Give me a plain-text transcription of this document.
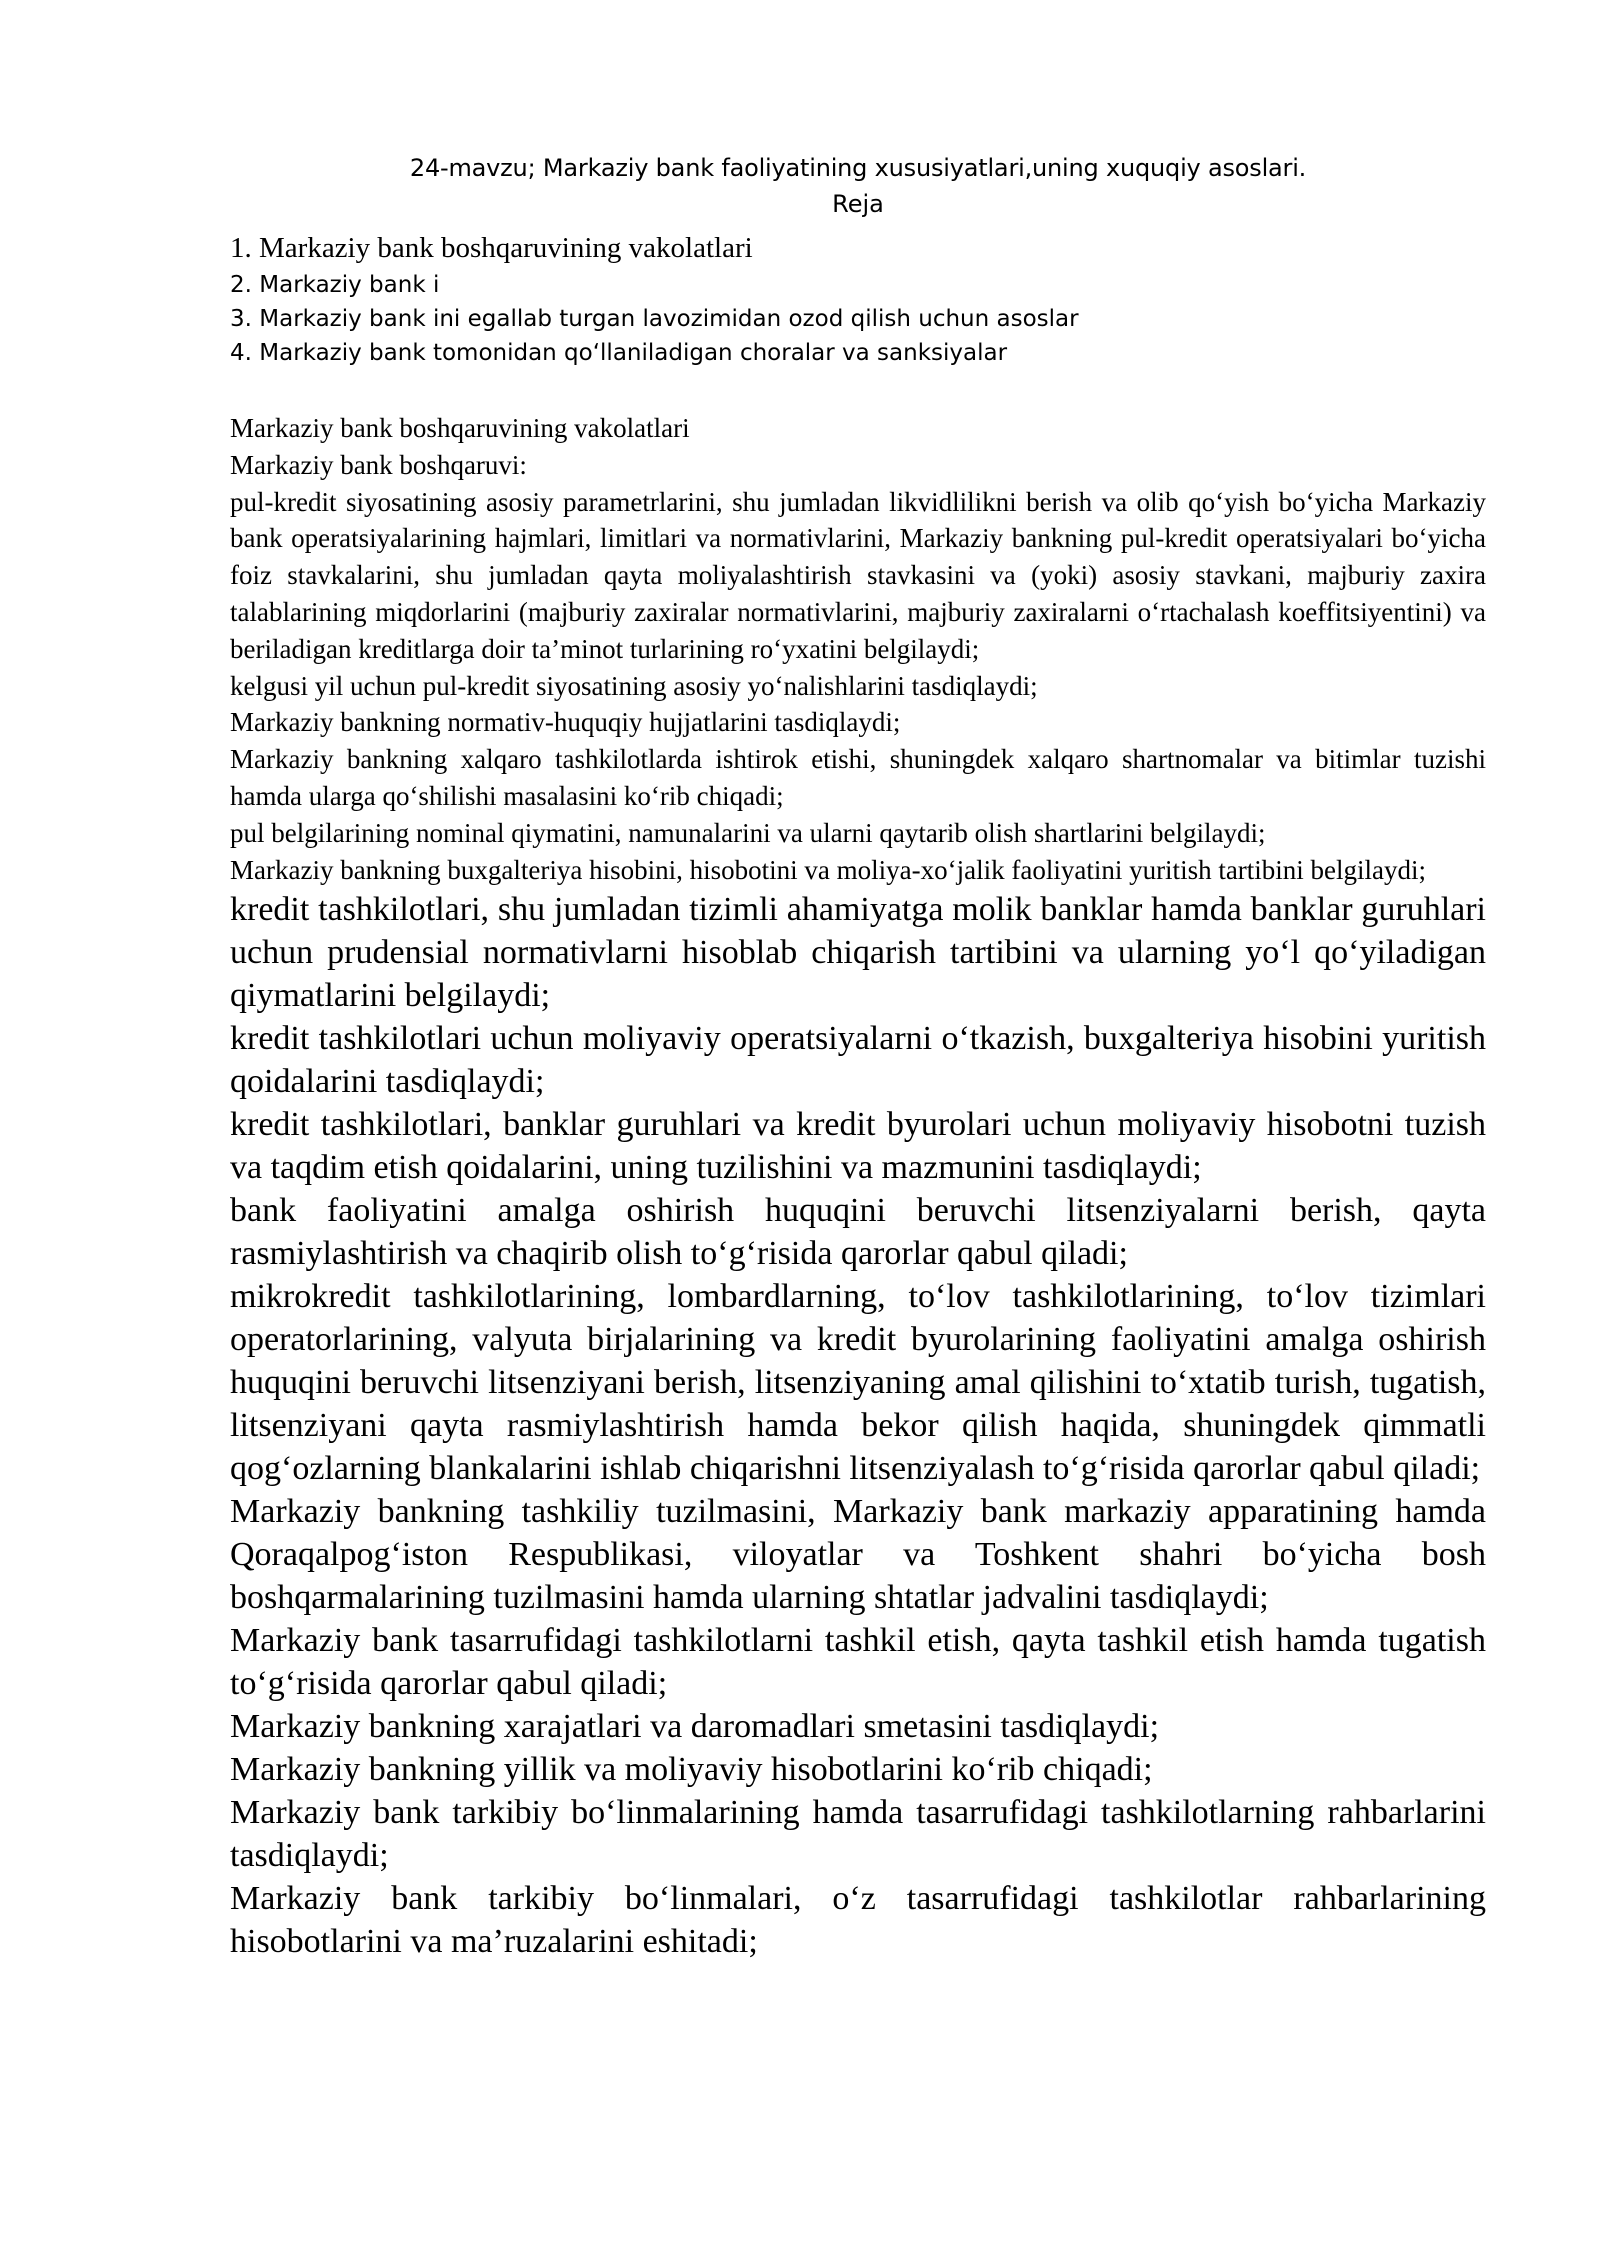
24-mavzu; Markaziy bank faoliyatining xususiyatlari,uning xuquqiy asoslari.

Reja

1. Markaziy bank boshqaruvining vakolatlari
2. Markaziy bank i
3. Markaziy bank ini egallab turgan lavozimidan ozod qilish uchun asoslar
4. Markaziy bank tomonidan qo‘llaniladigan choralar va sanksiyalar

Markaziy bank boshqaruvining vakolatlari

Markaziy bank boshqaruvi:

pul-kredit siyosatining asosiy parametrlarini, shu jumladan likvidlilikni berish va olib qo‘yish bo‘yicha Markaziy bank operatsiyalarining hajmlari, limitlari va normativlarini, Markaziy bankning pul-kredit operatsiyalari bo‘yicha foiz stavkalarini, shu jumladan qayta moliyalashtirish stavkasini va (yoki) asosiy stavkani, majburiy zaxira talablarining miqdorlarini (majburiy zaxiralar normativlarini, majburiy zaxiralarni o‘rtachalash koeffitsiyentini) va beriladigan kreditlarga doir ta’minot turlarining ro‘yxatini belgilaydi;

kelgusi yil uchun pul-kredit siyosatining asosiy yo‘nalishlarini tasdiqlaydi;

Markaziy bankning normativ-huquqiy hujjatlarini tasdiqlaydi;

Markaziy bankning xalqaro tashkilotlarda ishtirok etishi, shuningdek xalqaro shartnomalar va bitimlar tuzishi hamda ularga qo‘shilishi masalasini ko‘rib chiqadi;

pul belgilarining nominal qiymatini, namunalarini va ularni qaytarib olish shartlarini belgilaydi;

Markaziy bankning buxgalteriya hisobini, hisobotini va moliya-xo‘jalik faoliyatini yuritish tartibini belgilaydi;

kredit tashkilotlari, shu jumladan tizimli ahamiyatga molik banklar hamda banklar guruhlari uchun prudensial normativlarni hisoblab chiqarish tartibini va ularning yo‘l qo‘yiladigan qiymatlarini belgilaydi;

kredit tashkilotlari uchun moliyaviy operatsiyalarni o‘tkazish, buxgalteriya hisobini yuritish qoidalarini tasdiqlaydi;

kredit tashkilotlari, banklar guruhlari va kredit byurolari uchun moliyaviy hisobotni tuzish va taqdim etish qoidalarini, uning tuzilishini va mazmunini tasdiqlaydi;

bank faoliyatini amalga oshirish huquqini beruvchi litsenziyalarni berish, qayta rasmiylashtirish va chaqirib olish to‘g‘risida qarorlar qabul qiladi;

mikrokredit tashkilotlarining, lombardlarning, to‘lov tashkilotlarining, to‘lov tizimlari operatorlarining, valyuta birjalarining va kredit byurolarining faoliyatini amalga oshirish huquqini beruvchi litsenziyani berish, litsenziyaning amal qilishini to‘xtatib turish, tugatish, litsenziyani qayta rasmiylashtirish hamda bekor qilish haqida, shuningdek qimmatli qog‘ozlarning blankalarini ishlab chiqarishni litsenziyalash to‘g‘risida qarorlar qabul qiladi;

Markaziy bankning tashkiliy tuzilmasini, Markaziy bank markaziy apparatining hamda Qoraqalpog‘iston Respublikasi, viloyatlar va Toshkent shahri bo‘yicha bosh boshqarmalarining tuzilmasini hamda ularning shtatlar jadvalini tasdiqlaydi;

Markaziy bank tasarrufidagi tashkilotlarni tashkil etish, qayta tashkil etish hamda tugatish to‘g‘risida qarorlar qabul qiladi;

Markaziy bankning xarajatlari va daromadlari smetasini tasdiqlaydi;

Markaziy bankning yillik va moliyaviy hisobotlarini ko‘rib chiqadi;

Markaziy bank tarkibiy bo‘linmalarining hamda tasarrufidagi tashkilotlarning rahbarlarini tasdiqlaydi;

Markaziy bank tarkibiy bo‘linmalari, o‘z tasarrufidagi tashkilotlar rahbarlarining hisobotlarini va ma’ruzalarini eshitadi;
